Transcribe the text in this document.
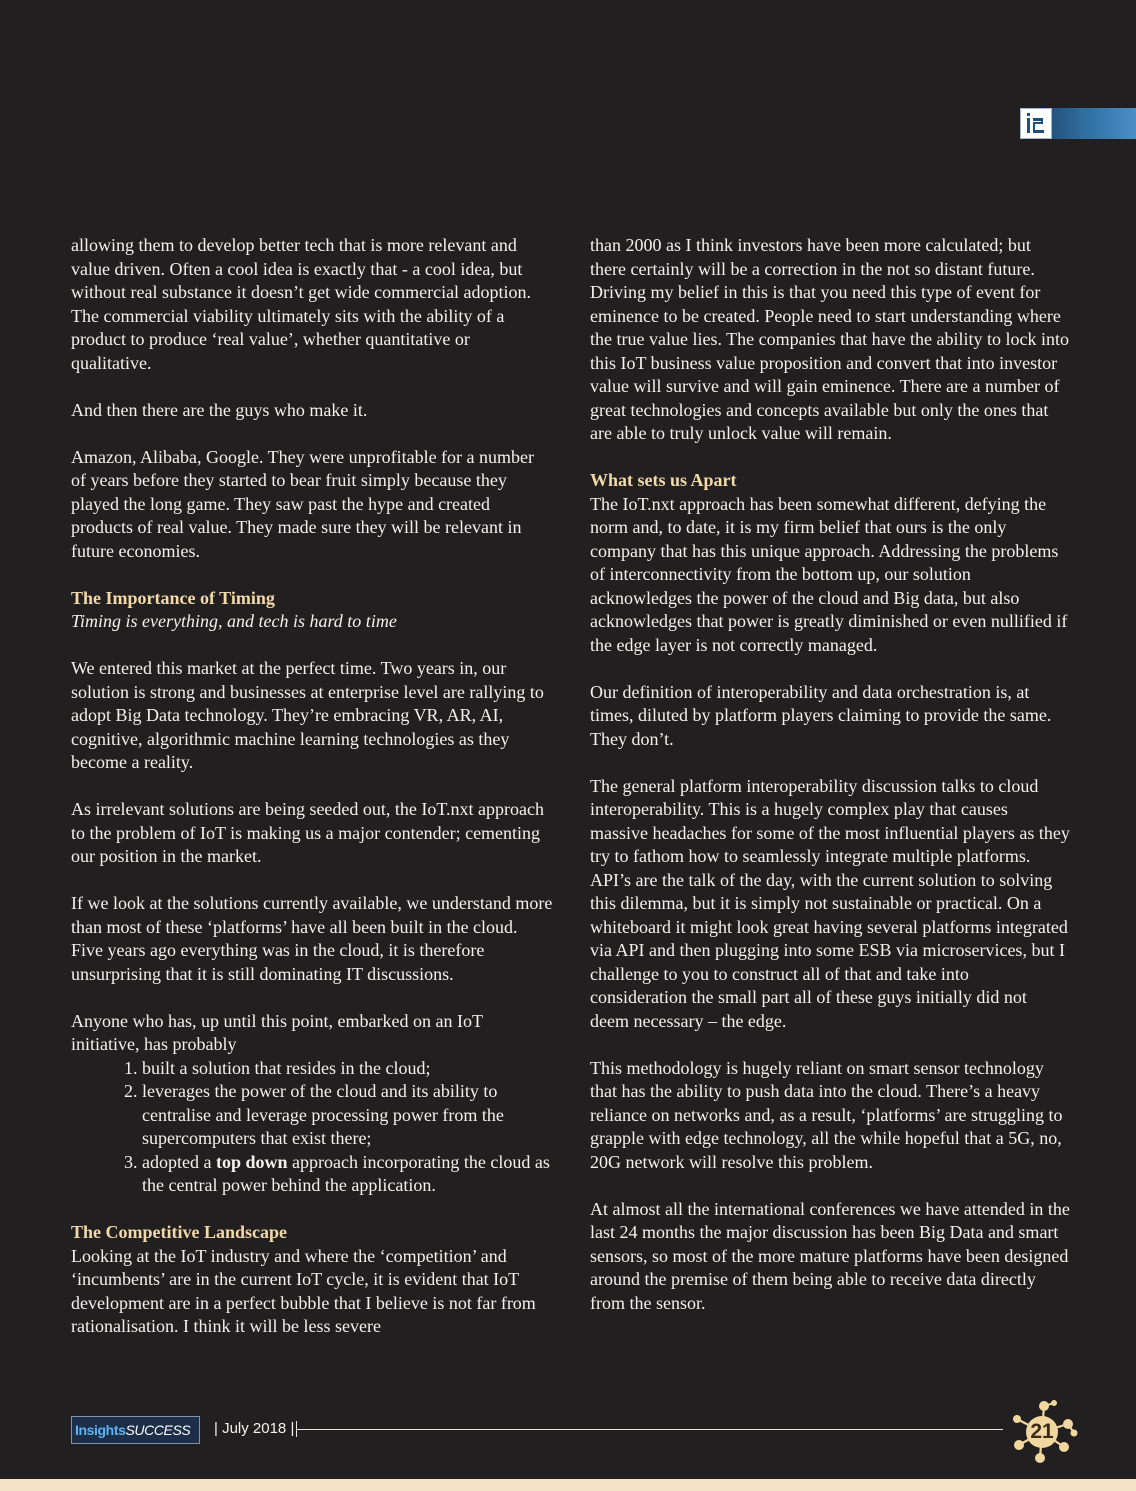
allowing them to develop better tech that is more relevant and value driven. Often a cool idea is exactly that - a cool idea, but without real substance it doesn’t get wide commercial adoption. The commercial viability ultimately sits with the ability of a product to produce ‘real value’, whether quantitative or qualitative.

And then there are the guys who make it.

Amazon, Alibaba, Google. They were unprofitable for a number of years before they started to bear fruit simply because they played the long game. They saw past the hype and created products of real value. They made sure they will be relevant in future economies.

The Importance of Timing
Timing is everything, and tech is hard to time

We entered this market at the perfect time. Two years in, our solution is strong and businesses at enterprise level are rallying to adopt Big Data technology. They’re embracing VR, AR, AI, cognitive, algorithmic machine learning technologies as they become a reality.

As irrelevant solutions are being seeded out, the IoT.nxt approach to the problem of IoT is making us a major contender; cementing our position in the market.

If we look at the solutions currently available, we understand more than most of these ‘platforms’ have all been built in the cloud. Five years ago everything was in the cloud, it is therefore unsurprising that it is still dominating IT discussions.

Anyone who has, up until this point, embarked on an IoT initiative, has probably

1. built a solution that resides in the cloud;
2. leverages the power of the cloud and its ability to centralise and leverage processing power from the supercomputers that exist there;
3. adopted a top down approach incorporating the cloud as the central power behind the application.
The Competitive Landscape

Looking at the IoT industry and where the ‘competition’ and ‘incumbents’ are in the current IoT cycle, it is evident that IoT development are in a perfect bubble that I believe is not far from rationalisation. I think it will be less severe

than 2000 as I think investors have been more calculated; but there certainly will be a correction in the not so distant future. Driving my belief in this is that you need this type of event for eminence to be created. People need to start understanding where the true value lies. The companies that have the ability to lock into this IoT business value proposition and convert that into investor value will survive and will gain eminence. There are a number of great technologies and concepts available but only the ones that are able to truly unlock value will remain.

What sets us Apart

The IoT.nxt approach has been somewhat different, defying the norm and, to date, it is my firm belief that ours is the only company that has this unique approach. Addressing the problems of interconnectivity from the bottom up, our solution acknowledges the power of the cloud and Big data, but also acknowledges that power is greatly diminished or even nullified if the edge layer is not correctly managed.

Our definition of interoperability and data orchestration is, at times, diluted by platform players claiming to provide the same. They don’t.

The general platform interoperability discussion talks to cloud interoperability. This is a hugely complex play that causes massive headaches for some of the most influential players as they try to fathom how to seamlessly integrate multiple platforms. API’s are the talk of the day, with the current solution to solving this dilemma, but it is simply not sustainable or practical. On a whiteboard it might look great having several platforms integrated via API and then plugging into some ESB via microservices, but I challenge to you to construct all of that and take into consideration the small part all of these guys initially did not deem necessary – the edge.

This methodology is hugely reliant on smart sensor technology that has the ability to push data into the cloud. There’s a heavy reliance on networks and, as a result, ‘platforms’ are struggling to grapple with edge technology, all the while hopeful that a 5G, no, 20G network will resolve this problem.

At almost all the international conferences we have attended in the last 24 months the major discussion has been Big Data and smart sensors, so most of the more mature platforms have been designed around the premise of them being able to receive data directly from the sensor.

InsightsSUCCESS	| July 2018 |	21
